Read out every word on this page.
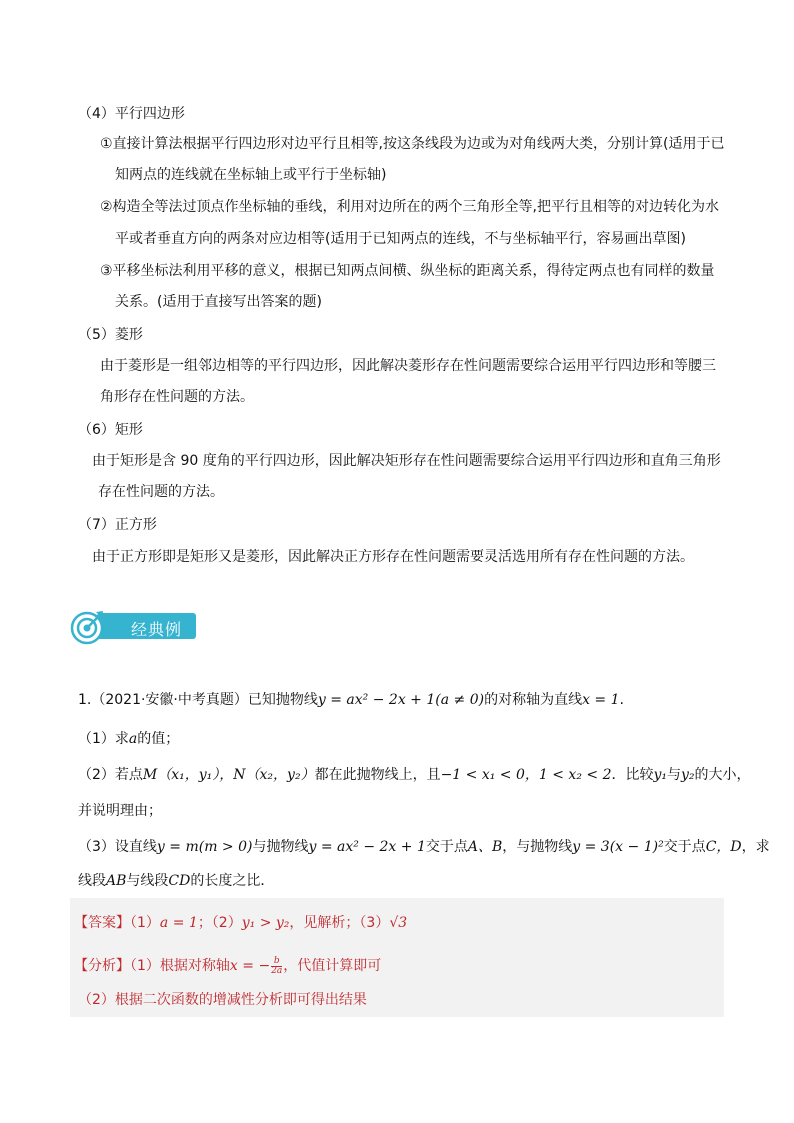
（4）平行四边形
①直接计算法根据平行四边形对边平行且相等,按这条线段为边或为对角线两大类，分别计算(适用于已
知两点的连线就在坐标轴上或平行于坐标轴)
②构造全等法过顶点作坐标轴的垂线，利用对边所在的两个三角形全等,把平行且相等的对边转化为水
平或者垂直方向的两条对应边相等(适用于已知两点的连线，不与坐标轴平行，容易画出草图)
③平移坐标法利用平移的意义，根据已知两点间横、纵坐标的距离关系，得待定两点也有同样的数量
关系。(适用于直接写出答案的题)
（5）菱形
由于菱形是一组邻边相等的平行四边形，因此解决菱形存在性问题需要综合运用平行四边形和等腰三
角形存在性问题的方法。
（6）矩形
由于矩形是含 90 度角的平行四边形，因此解决矩形存在性问题需要综合运用平行四边形和直角三角形
存在性问题的方法。
（7）正方形
由于正方形即是矩形又是菱形，因此解决正方形存在性问题需要灵活选用所有存在性问题的方法。
经典例题
1.（2021·安徽·中考真题）已知抛物线y = ax² − 2x + 1(a ≠ 0)的对称轴为直线x = 1.
（1）求a的值；
（2）若点M（x₁，y₁），N（x₂，y₂）都在此抛物线上，且−1 < x₁ < 0，1 < x₂ < 2．比较y₁与y₂的大小，
并说明理由；
（3）设直线y = m(m > 0)与抛物线y = ax² − 2x + 1交于点A、B，与抛物线y = 3(x − 1)²交于点C，D，求
线段AB与线段CD的长度之比．
【答案】（1）a = 1；（2）y₁ > y₂，见解析；（3）√3
【分析】（1）根据对称轴x = − $\frac{b}{2a}$ ，代值计算即可
（2）根据二次函数的增减性分析即可得出结果
